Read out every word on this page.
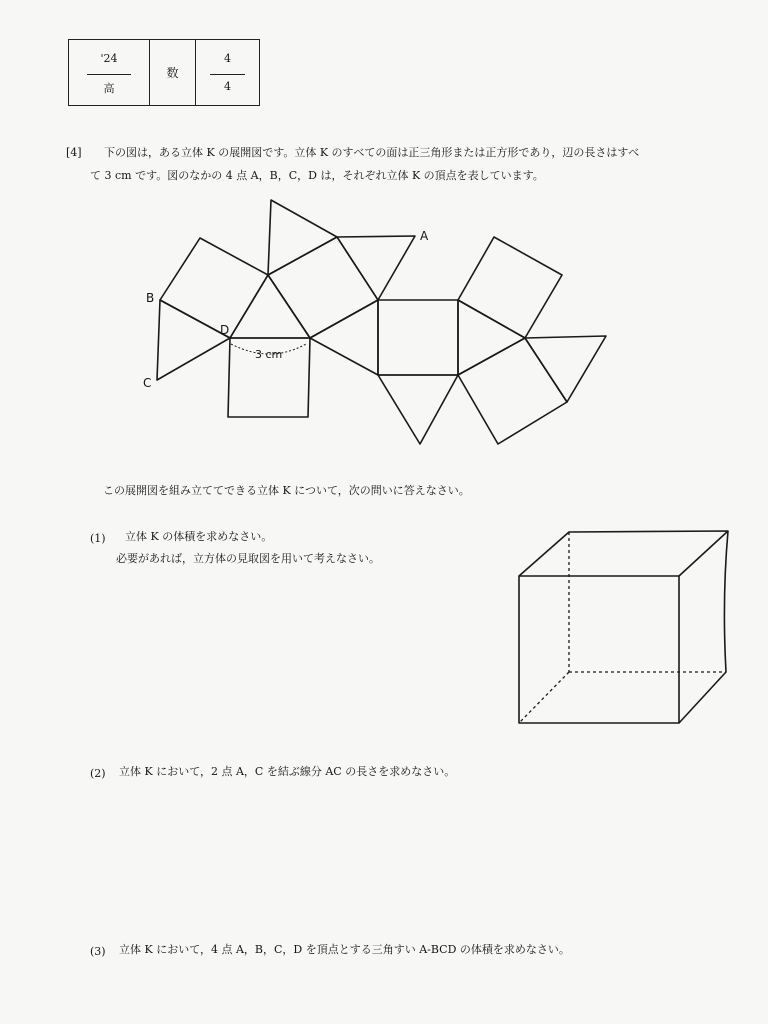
'24
高
数
4
4
[4] 下の図は，ある立体 K の展開図です。立体 K のすべての面は正三角形または正方形であり，辺の長さはすべ
て 3 cm です。図のなかの 4 点 A，B，C，D は，それぞれ立体 K の頂点を表しています。
A
B
C
D
3 cm
この展開図を組み立ててできる立体 K について，次の問いに答えなさい。
(1) 立体 K の体積を求めなさい。
必要があれば，立方体の見取図を用いて考えなさい。
(2) 立体 K において，2 点 A，C を結ぶ線分 AC の長さを求めなさい。
(3) 立体 K において，4 点 A，B，C，D を頂点とする三角すい A-BCD の体積を求めなさい。
